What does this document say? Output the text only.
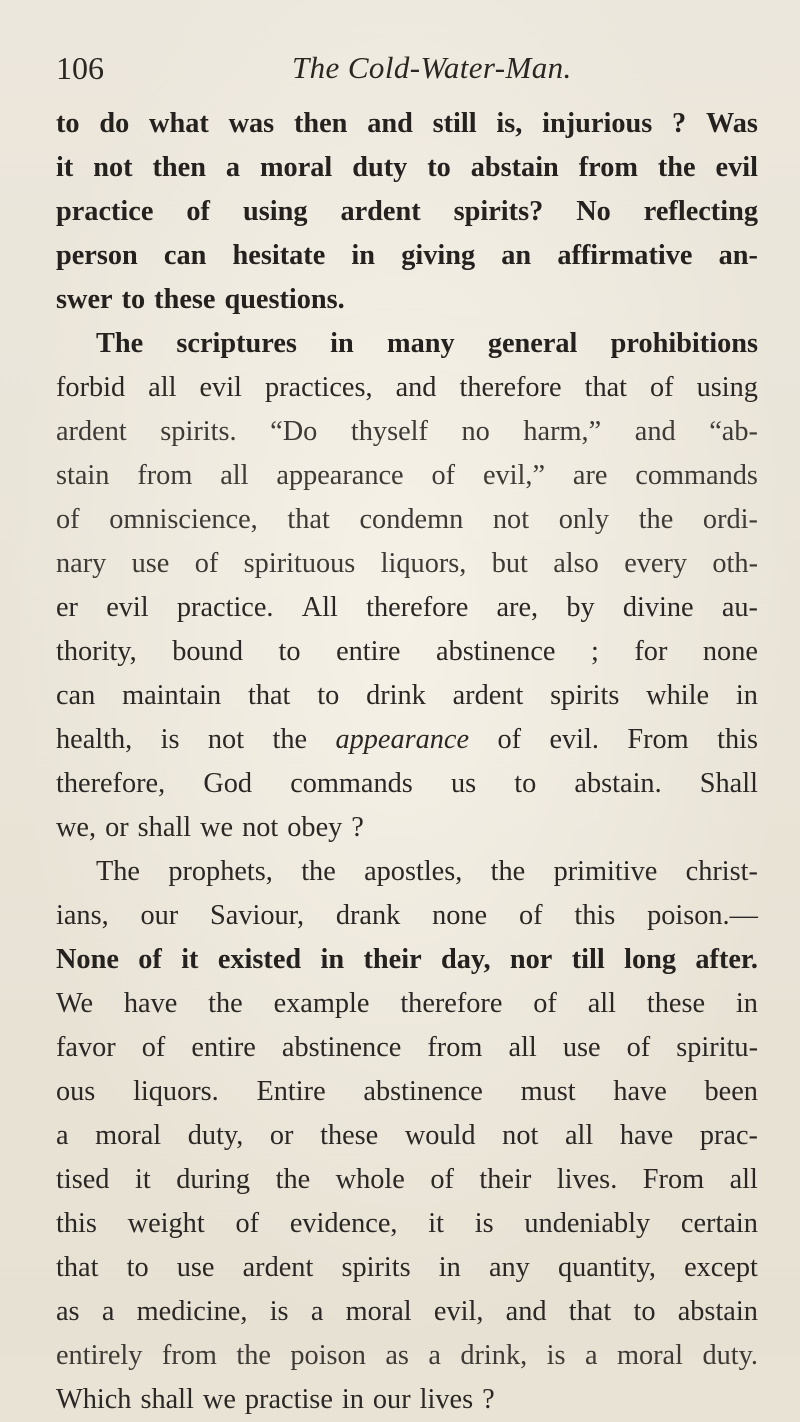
106	The Cold-Water-Man.
to do what was then and still is, injurious ? Was
it not then a moral duty to abstain from the evil
practice of using ardent spirits? No reflecting
person can hesitate in giving an affirmative an-
swer to these questions.
The scriptures in many general prohibitions
forbid all evil practices, and therefore that of using
ardent spirits. “Do thyself no harm,” and “ab-
stain from all appearance of evil,” are commands
of omniscience, that condemn not only the ordi-
nary use of spirituous liquors, but also every oth-
er evil practice. All therefore are, by divine au-
thority, bound to entire abstinence ; for none
can maintain that to drink ardent spirits while in
health, is not the appearance of evil. From this
therefore, God commands us to abstain. Shall
we, or shall we not obey ?
The prophets, the apostles, the primitive christ-
ians, our Saviour, drank none of this poison.—
None of it existed in their day, nor till long after.
We have the example therefore of all these in
favor of entire abstinence from all use of spiritu-
ous liquors. Entire abstinence must have been
a moral duty, or these would not all have prac-
tised it during the whole of their lives. From all
this weight of evidence, it is undeniably certain
that to use ardent spirits in any quantity, except
as a medicine, is a moral evil, and that to abstain
entirely from the poison as a drink, is a moral duty.
Which shall we practise in our lives ?
